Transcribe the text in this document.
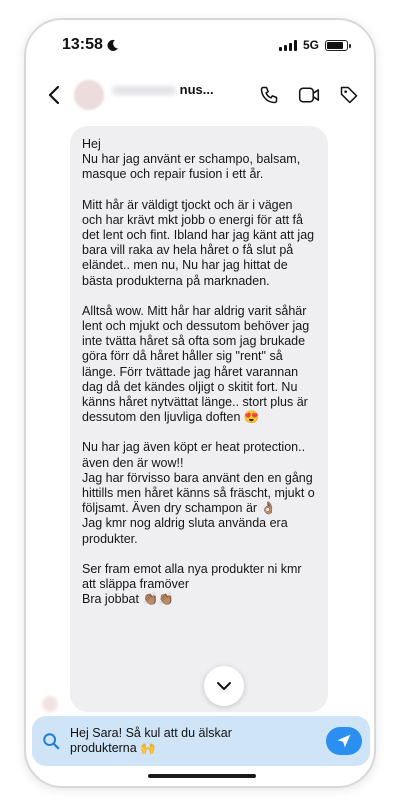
13:58	5G
nus...

Hej
Nu har jag använt er schampo, balsam, masque och repair fusion i ett år.
Mitt hår är väldigt tjockt och är i vägen och har krävt mkt jobb o energi för att få det lent och fint. Ibland har jag känt att jag bara vill raka av hela håret o få slut på eländet.. men nu, Nu har jag hittat de bästa produkterna på marknaden.
Alltså wow. Mitt hår har aldrig varit såhär lent och mjukt och dessutom behöver jag inte tvätta håret så ofta som jag brukade göra förr då håret håller sig "rent" så länge. Förr tvättade jag håret varannan dag då det kändes oljigt o skitit fort. Nu känns håret nytvättat länge.. stort plus är dessutom den ljuvliga doften 😍
Nu har jag även köpt er heat protection.. även den är wow!!
Jag har förvisso bara använt den en gång hittills men håret känns så fräscht, mjukt o följsamt. Även dry schampon är 👌🏽
Jag kmr nog aldrig sluta använda era produkter.
Ser fram emot alla nya produkter ni kmr att släppa framöver
Bra jobbat 👏🏽👏🏽
Hej Sara! Så kul att du älskar
produkterna 🙌
